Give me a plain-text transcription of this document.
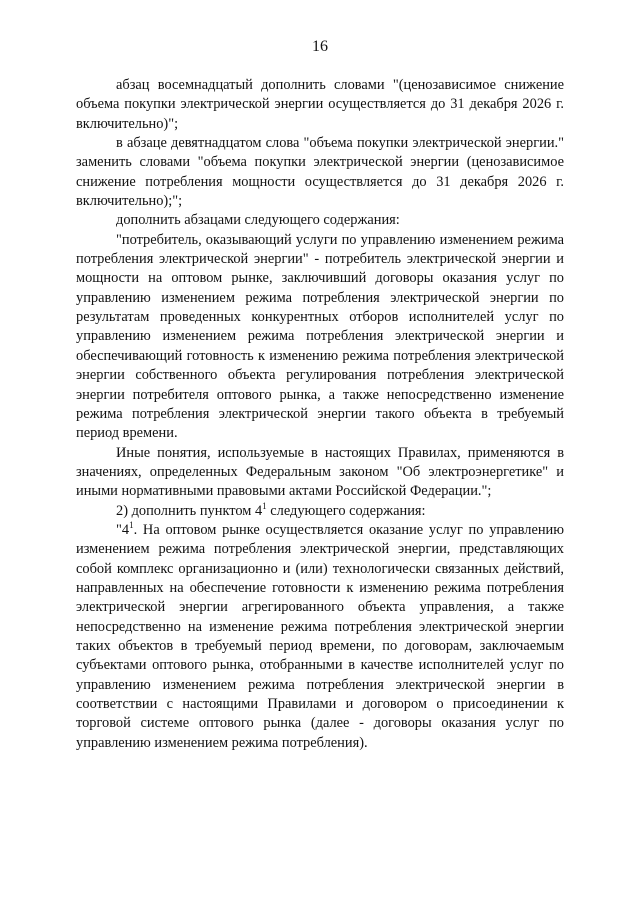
16

абзац восемнадцатый дополнить словами "(ценозависимое снижение объема покупки электрической энергии осуществляется до 31 декабря 2026 г. включительно)";

в абзаце девятнадцатом слова "объема покупки электрической энергии." заменить словами "объема покупки электрической энергии (ценозависимое снижение потребления мощности осуществляется до 31 декабря 2026 г. включительно);";

дополнить абзацами следующего содержания:

"потребитель, оказывающий услуги по управлению изменением режима потребления электрической энергии" - потребитель электрической энергии и мощности на оптовом рынке, заключивший договоры оказания услуг по управлению изменением режима потребления электрической энергии по результатам проведенных конкурентных отборов исполнителей услуг по управлению изменением режима потребления электрической энергии и обеспечивающий готовность к изменению режима потребления электрической энергии собственного объекта регулирования потребления электрической энергии потребителя оптового рынка, а также непосредственно изменение режима потребления электрической энергии такого объекта в требуемый период времени.

Иные понятия, используемые в настоящих Правилах, применяются в значениях, определенных Федеральным законом "Об электроэнергетике" и иными нормативными правовыми актами Российской Федерации.";

2) дополнить пунктом $4^1$ следующего содержания:

"$4^1$. На оптовом рынке осуществляется оказание услуг по управлению изменением режима потребления электрической энергии, представляющих собой комплекс организационно и (или) технологически связанных действий, направленных на обеспечение готовности к изменению режима потребления электрической энергии агрегированного объекта управления, а также непосредственно на изменение режима потребления электрической энергии таких объектов в требуемый период времени, по договорам, заключаемым субъектами оптового рынка, отобранными в качестве исполнителей услуг по управлению изменением режима потребления электрической энергии в соответствии с настоящими Правилами и договором о присоединении к торговой системе оптового рынка (далее - договоры оказания услуг по управлению изменением режима потребления).
